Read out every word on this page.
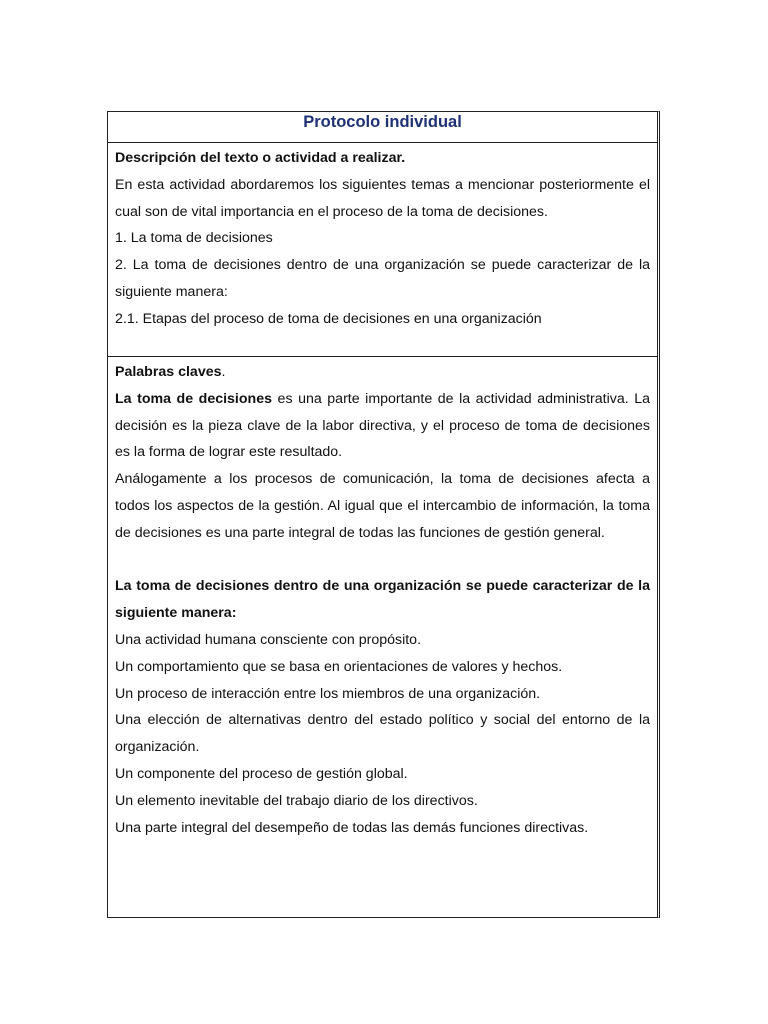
Protocolo individual

Descripción del texto o actividad a realizar.

En esta actividad abordaremos los siguientes temas a mencionar posteriormente el cual son de vital importancia en el proceso de la toma de decisiones.

1. La toma de decisiones

2. La toma de decisiones dentro de una organización se puede caracterizar de la siguiente manera:

2.1. Etapas del proceso de toma de decisiones en una organización

Palabras claves.

La toma de decisiones es una parte importante de la actividad administrativa. La decisión es la pieza clave de la labor directiva, y el proceso de toma de decisiones es la forma de lograr este resultado.

Análogamente a los procesos de comunicación, la toma de decisiones afecta a todos los aspectos de la gestión. Al igual que el intercambio de información, la toma de decisiones es una parte integral de todas las funciones de gestión general.

La toma de decisiones dentro de una organización se puede caracterizar de la siguiente manera:

Una actividad humana consciente con propósito.

Un comportamiento que se basa en orientaciones de valores y hechos.

Un proceso de interacción entre los miembros de una organización.

Una elección de alternativas dentro del estado político y social del entorno de la organización.

Un componente del proceso de gestión global.

Un elemento inevitable del trabajo diario de los directivos.

Una parte integral del desempeño de todas las demás funciones directivas.
